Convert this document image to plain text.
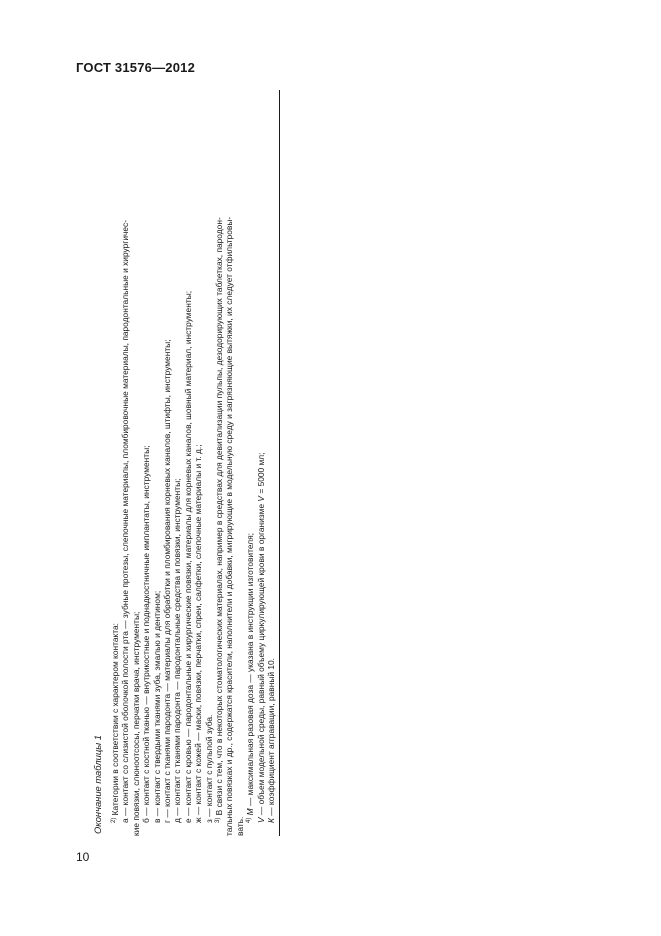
ГОСТ 31576—2012
Окончание таблицы 1 $^{2)}$ Категории в соответствии с характером контакта: а — контакт со слизистой оболочкой полости рта — зубные протезы, слепочные материалы, пломбировочные материалы, пародонтальные и хирургичес- кие повязки, слюноотсосы, перчатки врача, инструменты; б — контакт с костной тканью — внутрикостные и поднадкостничные имплантаты, инструменты; в — контакт с твердыми тканями зуба, эмалью и дентином; г — контакт с тканями пародонта — материалы для обработки и пломбирования корневых каналов, штифты, инструменты; д — контакт с тканями пародонта — пародонтальные средства и повязки, инструменты; е — контакт с кровью — пародонтальные и хирургические повязки, материалы для корневых каналов, шовный материал, инструменты; ж — контакт с кожей — маски, повязки, перчатки, спреи, салфетки, слепочные материалы и т. д.; з — контакт с пульпой зуба. $^{3)}$ В связи с тем, что в некоторых стоматологических материалах, например в средствах для девитализации пульпы, дезодорирующих таблетках, пародон- тальных повязках и др., содержатся красители, наполнители и добавки, мигрирующие в модельную среду и загрязняющие вытяжки, их следует отфильтровы- вать. $^{4)}$ М — максимальная разовая доза — указана в инструкции изготовителя;

V — объем модельной среды, равный объему циркулирующей крови в организме V = 5000 мл;

К — коэффициент аггравации, равный 10.

10
